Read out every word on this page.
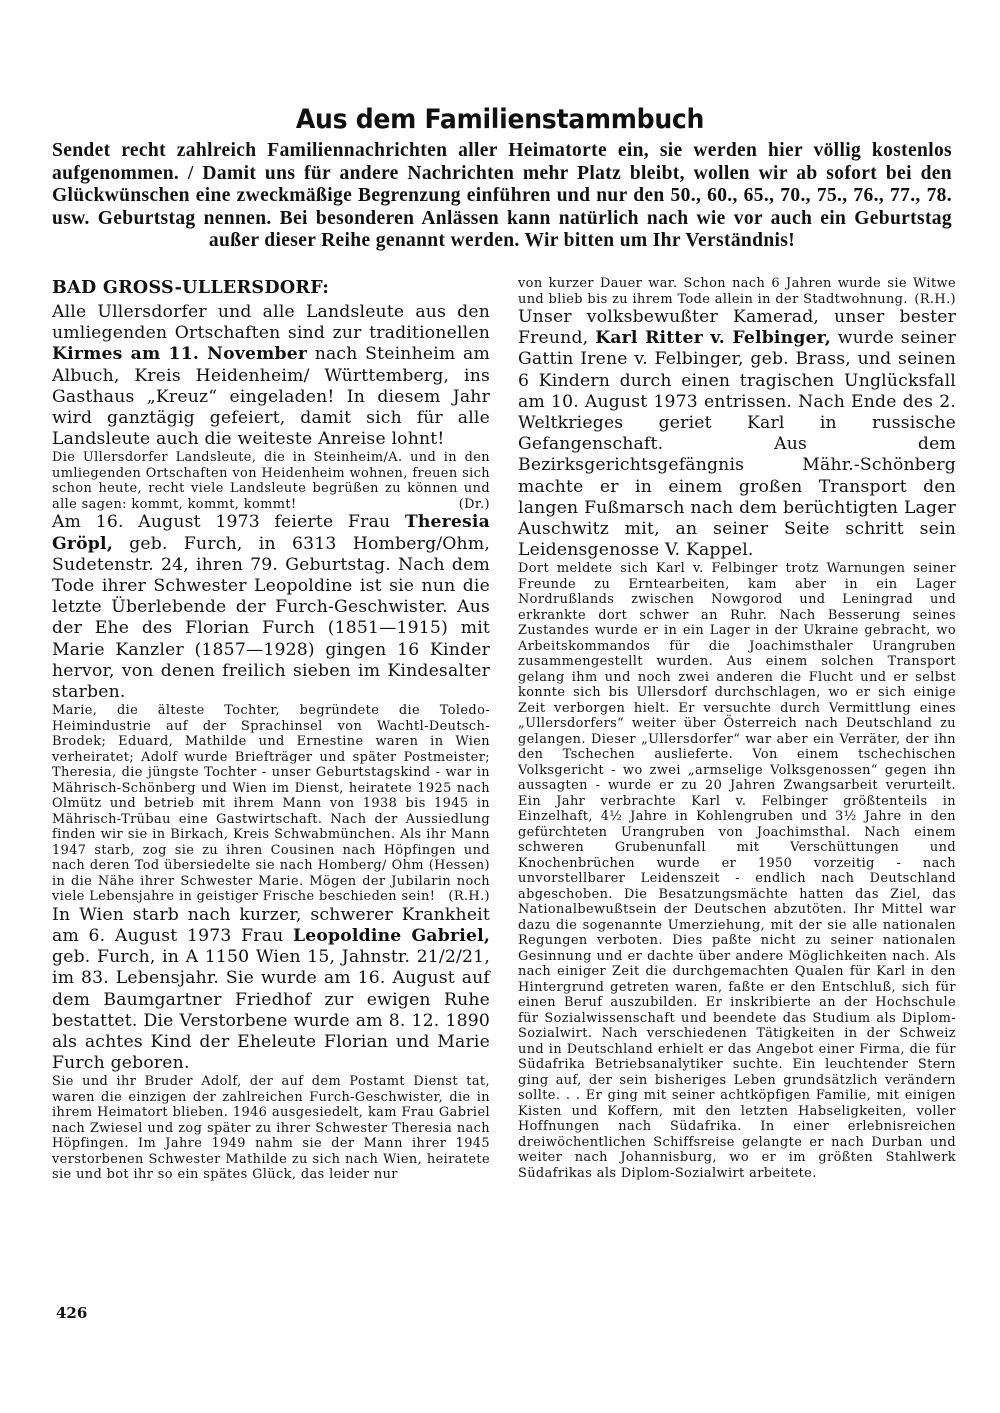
Aus dem Familienstammbuch
Sendet recht zahlreich Familiennachrichten aller Heimatorte ein, sie werden hier völlig kostenlos aufgenommen. / Damit uns für andere Nachrichten mehr Platz bleibt, wollen wir ab sofort bei den Glückwünschen eine zweckmäßige Begrenzung einführen und nur den 50., 60., 65., 70., 75., 76., 77., 78. usw. Geburtstag nennen. Bei besonderen Anlässen kann natürlich nach wie vor auch ein Geburtstag außer dieser Reihe genannt werden. Wir bitten um Ihr Verständnis!
BAD GROSS-ULLERSDORF:

Alle Ullersdorfer und alle Landsleute aus den umliegenden Ortschaften sind zur traditionellen Kirmes am 11. November nach Steinheim am Albuch, Kreis Heidenheim/ Württemberg, ins Gasthaus „Kreuz“ eingeladen! In diesem Jahr wird ganztägig gefeiert, damit sich für alle Landsleute auch die weiteste Anreise lohnt!

Die Ullersdorfer Landsleute, die in Steinheim/A. und in den umliegenden Ortschaften von Heidenheim wohnen, freuen sich schon heute, recht viele Landsleute begrüßen zu können und alle sagen: kommt, kommt, kommt!	(Dr.)

Am 16. August 1973 feierte Frau Theresia Gröpl, geb. Furch, in 6313 Homberg/Ohm, Sudetenstr. 24, ihren 79. Geburtstag. Nach dem Tode ihrer Schwester Leopoldine ist sie nun die letzte Überlebende der Furch-Geschwister. Aus der Ehe des Florian Furch (1851—1915) mit Marie Kanzler (1857—1928) gingen 16 Kinder hervor, von denen freilich sieben im Kindesalter starben.

Marie, die älteste Tochter, begründete die Toledo-Heimindustrie auf der Sprachinsel von Wachtl-Deutsch-Brodek; Eduard, Mathilde und Ernestine waren in Wien verheiratet; Adolf wurde Briefträger und später Postmeister; Theresia, die jüngste Tochter - unser Geburtstagskind - war in Mährisch-Schönberg und Wien im Dienst, heiratete 1925 nach Olmütz und betrieb mit ihrem Mann von 1938 bis 1945 in Mährisch-Trübau eine Gastwirtschaft. Nach der Aussiedlung finden wir sie in Birkach, Kreis Schwabmünchen. Als ihr Mann 1947 starb, zog sie zu ihren Cousinen nach Höpfingen und nach deren Tod übersiedelte sie nach Homberg/ Ohm (Hessen) in die Nähe ihrer Schwester Marie. Mögen der Jubilarin noch viele Lebensjahre in geistiger Frische beschieden sein! (R.H.)

In Wien starb nach kurzer, schwerer Krankheit am 6. August 1973 Frau Leopoldine Gabriel, geb. Furch, in A 1150 Wien 15, Jahnstr. 21/2/21, im 83. Lebensjahr. Sie wurde am 16. August auf dem Baumgartner Friedhof zur ewigen Ruhe bestattet. Die Verstorbene wurde am 8. 12. 1890 als achtes Kind der Eheleute Florian und Marie Furch geboren.

Sie und ihr Bruder Adolf, der auf dem Postamt Dienst tat, waren die einzigen der zahlreichen Furch-Geschwister, die in ihrem Heimatort blieben. 1946 ausgesiedelt, kam Frau Gabriel nach Zwiesel und zog später zu ihrer Schwester Theresia nach Höpfingen. Im Jahre 1949 nahm sie der Mann ihrer 1945 verstorbenen Schwester Mathilde zu sich nach Wien, heiratete sie und bot ihr so ein spätes Glück, das leider nur

von kurzer Dauer war. Schon nach 6 Jahren wurde sie Witwe und blieb bis zu ihrem Tode allein in der Stadtwohnung. (R.H.)

Unser volksbewußter Kamerad, unser bester Freund, Karl Ritter v. Felbinger, wurde seiner Gattin Irene v. Felbinger, geb. Brass, und seinen 6 Kindern durch einen tragischen Unglücksfall am 10. August 1973 entrissen. Nach Ende des 2. Weltkrieges geriet Karl in russische Gefangenschaft. Aus dem Bezirksgerichtsgefängnis Mähr.-Schönberg machte er in einem großen Transport den langen Fußmarsch nach dem berüchtigten Lager Auschwitz mit, an seiner Seite schritt sein Leidensgenosse V. Kappel.

Dort meldete sich Karl v. Felbinger trotz Warnungen seiner Freunde zu Erntearbeiten, kam aber in ein Lager Nordrußlands zwischen Nowgorod und Leningrad und erkrankte dort schwer an Ruhr. Nach Besserung seines Zustandes wurde er in ein Lager in der Ukraine gebracht, wo Arbeitskommandos für die Joachimsthaler Urangruben zusammengestellt wurden. Aus einem solchen Transport gelang ihm und noch zwei anderen die Flucht und er selbst konnte sich bis Ullersdorf durchschlagen, wo er sich einige Zeit verborgen hielt. Er versuchte durch Vermittlung eines „Ullersdorfers“ weiter über Österreich nach Deutschland zu gelangen. Dieser „Ullersdorfer“ war aber ein Verräter, der ihn den Tschechen auslieferte. Von einem tschechischen Volksgericht - wo zwei „armselige Volksgenossen“ gegen ihn aussagten - wurde er zu 20 Jahren Zwangsarbeit verurteilt. Ein Jahr verbrachte Karl v. Felbinger größtenteils in Einzelhaft, 4½ Jahre in Kohlengruben und 3½ Jahre in den gefürchteten Urangruben von Joachimsthal. Nach einem schweren Grubenunfall mit Verschüttungen und Knochenbrüchen wurde er 1950 vorzeitig - nach unvorstellbarer Leidenszeit - endlich nach Deutschland abgeschoben. Die Besatzungsmächte hatten das Ziel, das Nationalbewußtsein der Deutschen abzutöten. Ihr Mittel war dazu die sogenannte Umerziehung, mit der sie alle nationalen Regungen verboten. Dies paßte nicht zu seiner nationalen Gesinnung und er dachte über andere Möglichkeiten nach. Als nach einiger Zeit die durchgemachten Qualen für Karl in den Hintergrund getreten waren, faßte er den Entschluß, sich für einen Beruf auszubilden. Er inskribierte an der Hochschule für Sozialwissenschaft und beendete das Studium als Diplom-Sozialwirt. Nach verschiedenen Tätigkeiten in der Schweiz und in Deutschland erhielt er das Angebot einer Firma, die für Südafrika Betriebsanalytiker suchte. Ein leuchtender Stern ging auf, der sein bisheriges Leben grundsätzlich verändern sollte. . . Er ging mit seiner achtköpfigen Familie, mit einigen Kisten und Koffern, mit den letzten Habseligkeiten, voller Hoffnungen nach Südafrika. In einer erlebnisreichen dreiwöchentlichen Schiffsreise gelangte er nach Durban und weiter nach Johannisburg, wo er im größten Stahlwerk Südafrikas als Diplom-Sozialwirt arbeitete.

426
